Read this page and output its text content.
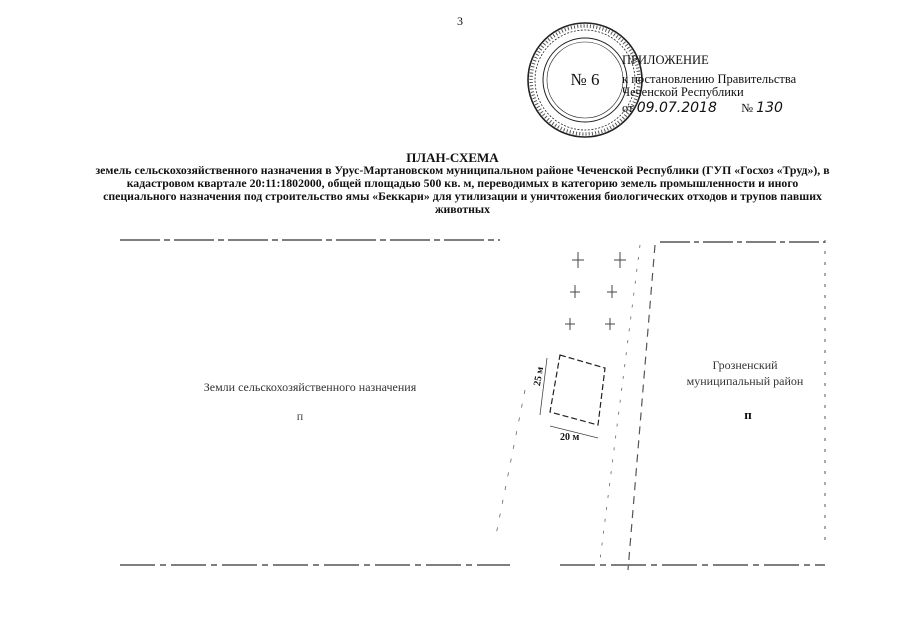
3
№ 6
ПРИЛОЖЕНИЕ
к постановлению Правительства
Чеченской Республики
от 09.07.2018 № 130
ПЛАН-СХЕМА
земель сельскохозяйственного назначения в Урус-Мартановском муниципальном районе Чеченской Республики (ГУП «Госхоз «Труд»), в кадастровом квартале 20:11:1802000, общей площадью 500 кв. м, переводимых в категорию земель промышленности и иного специального назначения под строительство ямы «Беккари» для утилизации и уничтожения биологических отходов и трупов павших животных
Земли сельскохозяйственного назначения
п
Грозненский
муниципальный район
п
25 м
20 м
